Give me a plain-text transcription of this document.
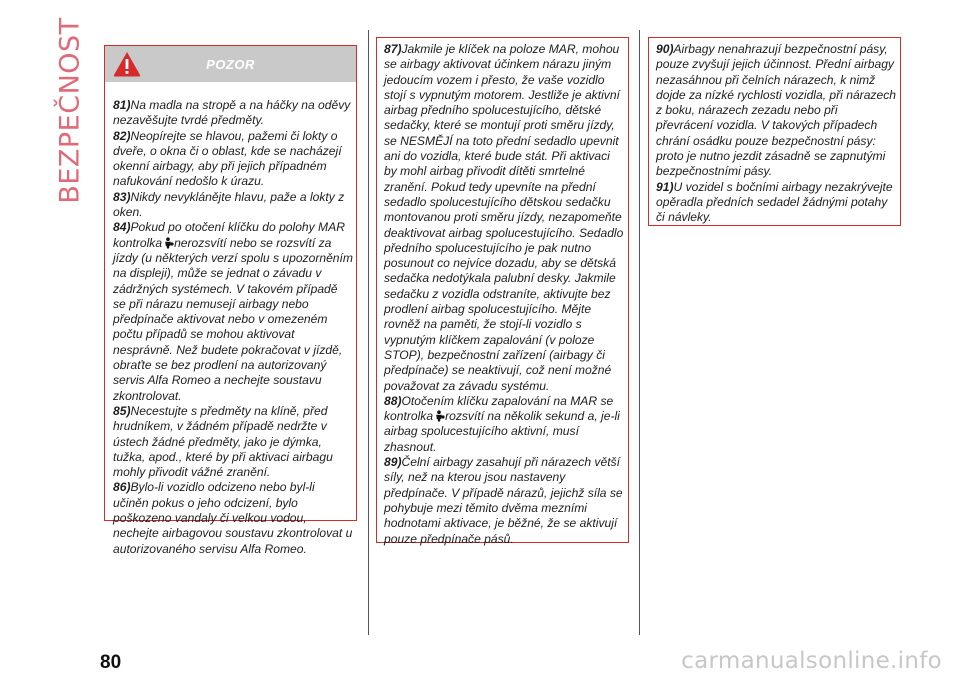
BEZPEČNOST	POZOR
81)Na madla na stropě a na háčky na oděvy nezavěšujte tvrdé předměty.
82)Neopírejte se hlavou, pažemi či lokty o dveře, o okna či o oblast, kde se nacházejí okenní airbagy, aby při jejich případném nafukování nedošlo k úrazu.
83)Nikdy nevyklánějte hlavu, paže a lokty z oken.
84)Pokud po otočení klíčku do polohy MAR kontrolka nerozsvítí nebo se rozsvítí za jízdy (u některých verzí spolu s upozorněním na displeji), může se jednat o závadu v zádržných systémech. V takovém případě se při nárazu nemusejí airbagy nebo předpínače aktivovat nebo v omezeném počtu případů se mohou aktivovat nesprávně. Než budete pokračovat v jízdě, obraťte se bez prodlení na autorizovaný servis Alfa Romeo a nechejte soustavu zkontrolovat.
85)Necestujte s předměty na klíně, před hrudníkem, v žádném případě nedržte v ústech žádné předměty, jako je dýmka, tužka, apod., které by při aktivaci airbagu mohly přivodit vážné zranění.
86)Bylo-li vozidlo odcizeno nebo byl-li učiněn pokus o jeho odcizení, bylo poškozeno vandaly či velkou vodou, nechejte airbagovou soustavu zkontrolovat u autorizovaného servisu Alfa Romeo.
87)Jakmile je klíček na poloze MAR, mohou se airbagy aktivovat účinkem nárazu jiným jedoucím vozem i přesto, že vaše vozidlo stojí s vypnutým motorem. Jestliže je aktivní airbag předního spolucestujícího, dětské sedačky, které se montují proti směru jízdy, se NESMĚJÍ na toto přední sedadlo upevnit ani do vozidla, které bude stát. Při aktivaci by mohl airbag přivodit dítěti smrtelné zranění. Pokud tedy upevníte na přední sedadlo spolucestujícího dětskou sedačku montovanou proti směru jízdy, nezapomeňte deaktivovat airbag spolucestujícího. Sedadlo předního spolucestujícího je pak nutno posunout co nejvíce dozadu, aby se dětská sedačka nedotýkala palubní desky. Jakmile sedačku z vozidla odstraníte, aktivujte bez prodlení airbag spolucestujícího. Mějte rovněž na paměti, že stojí-li vozidlo s vypnutým klíčkem zapalování (v poloze STOP), bezpečnostní zařízení (airbagy či předpínače) se neaktivují, což není možné považovat za závadu systému.
88)Otočením klíčku zapalování na MAR se kontrolka rozsvítí na několik sekund a, je-li airbag spolucestujícího aktivní, musí zhasnout.
89)Čelní airbagy zasahují při nárazech větší síly, než na kterou jsou nastaveny předpínače. V případě nárazů, jejichž síla se pohybuje mezi těmito dvěma mezními hodnotami aktivace, je běžné, že se aktivují pouze předpínače pásů.
90)Airbagy nenahrazují bezpečnostní pásy, pouze zvyšují jejich účinnost. Přední airbagy nezasáhnou při čelních nárazech, k nimž dojde za nízké rychlosti vozidla, při nárazech z boku, nárazech zezadu nebo při převrácení vozidla. V takových případech chrání osádku pouze bezpečnostní pásy: proto je nutno jezdit zásadně se zapnutými bezpečnostními pásy.
91)U vozidel s bočními airbagy nezakrývejte opěradla předních sedadel žádnými potahy či návleky.
80	carmanualsonline.info
